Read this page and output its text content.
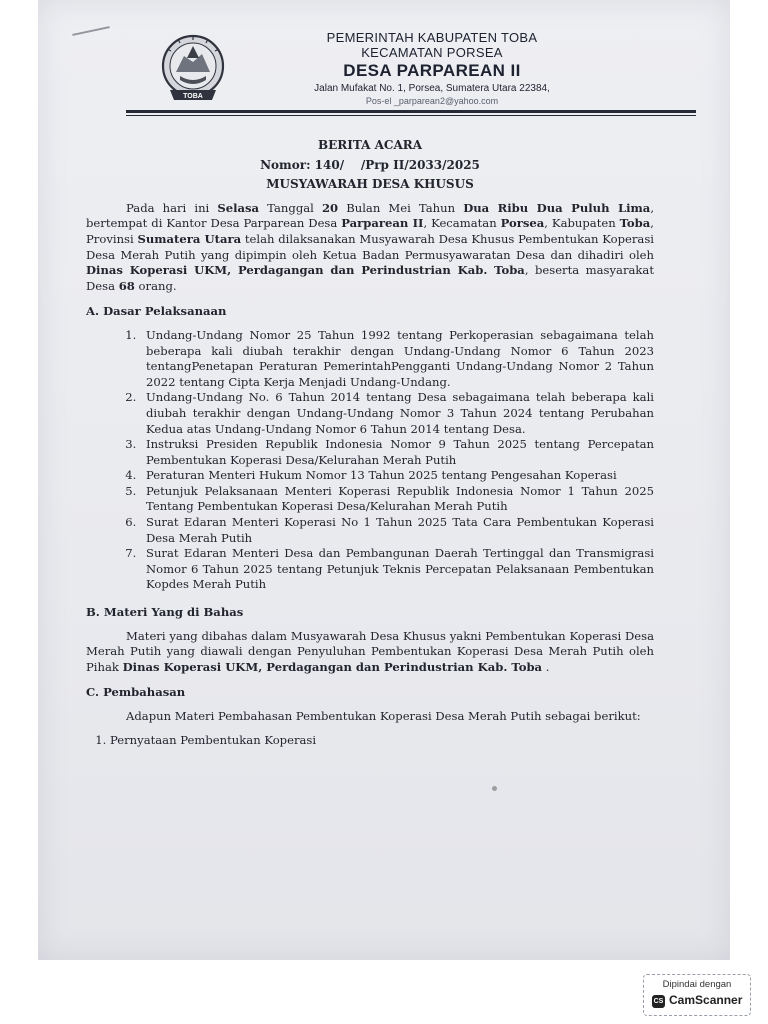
TOBA
PEMERINTAH KABUPATEN TOBA
KECAMATAN PORSEA
DESA PARPAREAN II
Jalan Mufakat No. 1, Porsea, Sumatera Utara 22384,
Pos-el _parparean2@yahoo.com
BERITA ACARA
Nomor: 140/    /Prp II/2033/2025
MUSYAWARAH DESA KHUSUS

Pada hari ini Selasa Tanggal 20 Bulan Mei Tahun Dua Ribu Dua Puluh Lima, bertempat di Kantor Desa Parparean Desa Parparean II, Kecamatan Porsea, Kabupaten Toba, Provinsi Sumatera Utara telah dilaksanakan Musyawarah Desa Khusus Pembentukan Koperasi Desa Merah Putih yang dipimpin oleh Ketua Badan Permusyawaratan Desa dan dihadiri oleh Dinas Koperasi UKM, Perdagangan dan Perindustrian Kab. Toba, beserta masyarakat Desa 68 orang.

A. Dasar Pelaksanaan
1. Undang-Undang Nomor 25 Tahun 1992 tentang Perkoperasian sebagaimana telah beberapa kali diubah terakhir dengan Undang-Undang Nomor 6 Tahun 2023 tentangPenetapan Peraturan PemerintahPengganti Undang-Undang Nomor 2 Tahun 2022 tentang Cipta Kerja Menjadi Undang-Undang.
2. Undang-Undang No. 6 Tahun 2014 tentang Desa sebagaimana telah beberapa kali diubah terakhir dengan Undang-Undang Nomor 3 Tahun 2024 tentang Perubahan Kedua atas Undang-Undang Nomor 6 Tahun 2014 tentang Desa.
3. Instruksi Presiden Republik Indonesia Nomor 9 Tahun 2025 tentang Percepatan Pembentukan Koperasi Desa/Kelurahan Merah Putih
4. Peraturan Menteri Hukum Nomor 13 Tahun 2025 tentang Pengesahan Koperasi
5. Petunjuk Pelaksanaan Menteri Koperasi Republik Indonesia Nomor 1 Tahun 2025 Tentang Pembentukan Koperasi Desa/Kelurahan Merah Putih
6. Surat Edaran Menteri Koperasi No 1 Tahun 2025 Tata Cara Pembentukan Koperasi Desa Merah Putih
7. Surat Edaran Menteri Desa dan Pembangunan Daerah Tertinggal dan Transmigrasi Nomor 6 Tahun 2025 tentang Petunjuk Teknis Percepatan Pelaksanaan Pembentukan Kopdes Merah Putih
B. Materi Yang di Bahas

Materi yang dibahas dalam Musyawarah Desa Khusus yakni Pembentukan Koperasi Desa Merah Putih yang diawali dengan Penyuluhan Pembentukan Koperasi Desa Merah Putih oleh Pihak Dinas Koperasi UKM, Perdagangan dan Perindustrian Kab. Toba .

C. Pembahasan

Adapun Materi Pembahasan Pembentukan Koperasi Desa Merah Putih sebagai berikut:

1. Pernyataan Pembentukan Koperasi
Dipindai dengan
CS CamScanner
